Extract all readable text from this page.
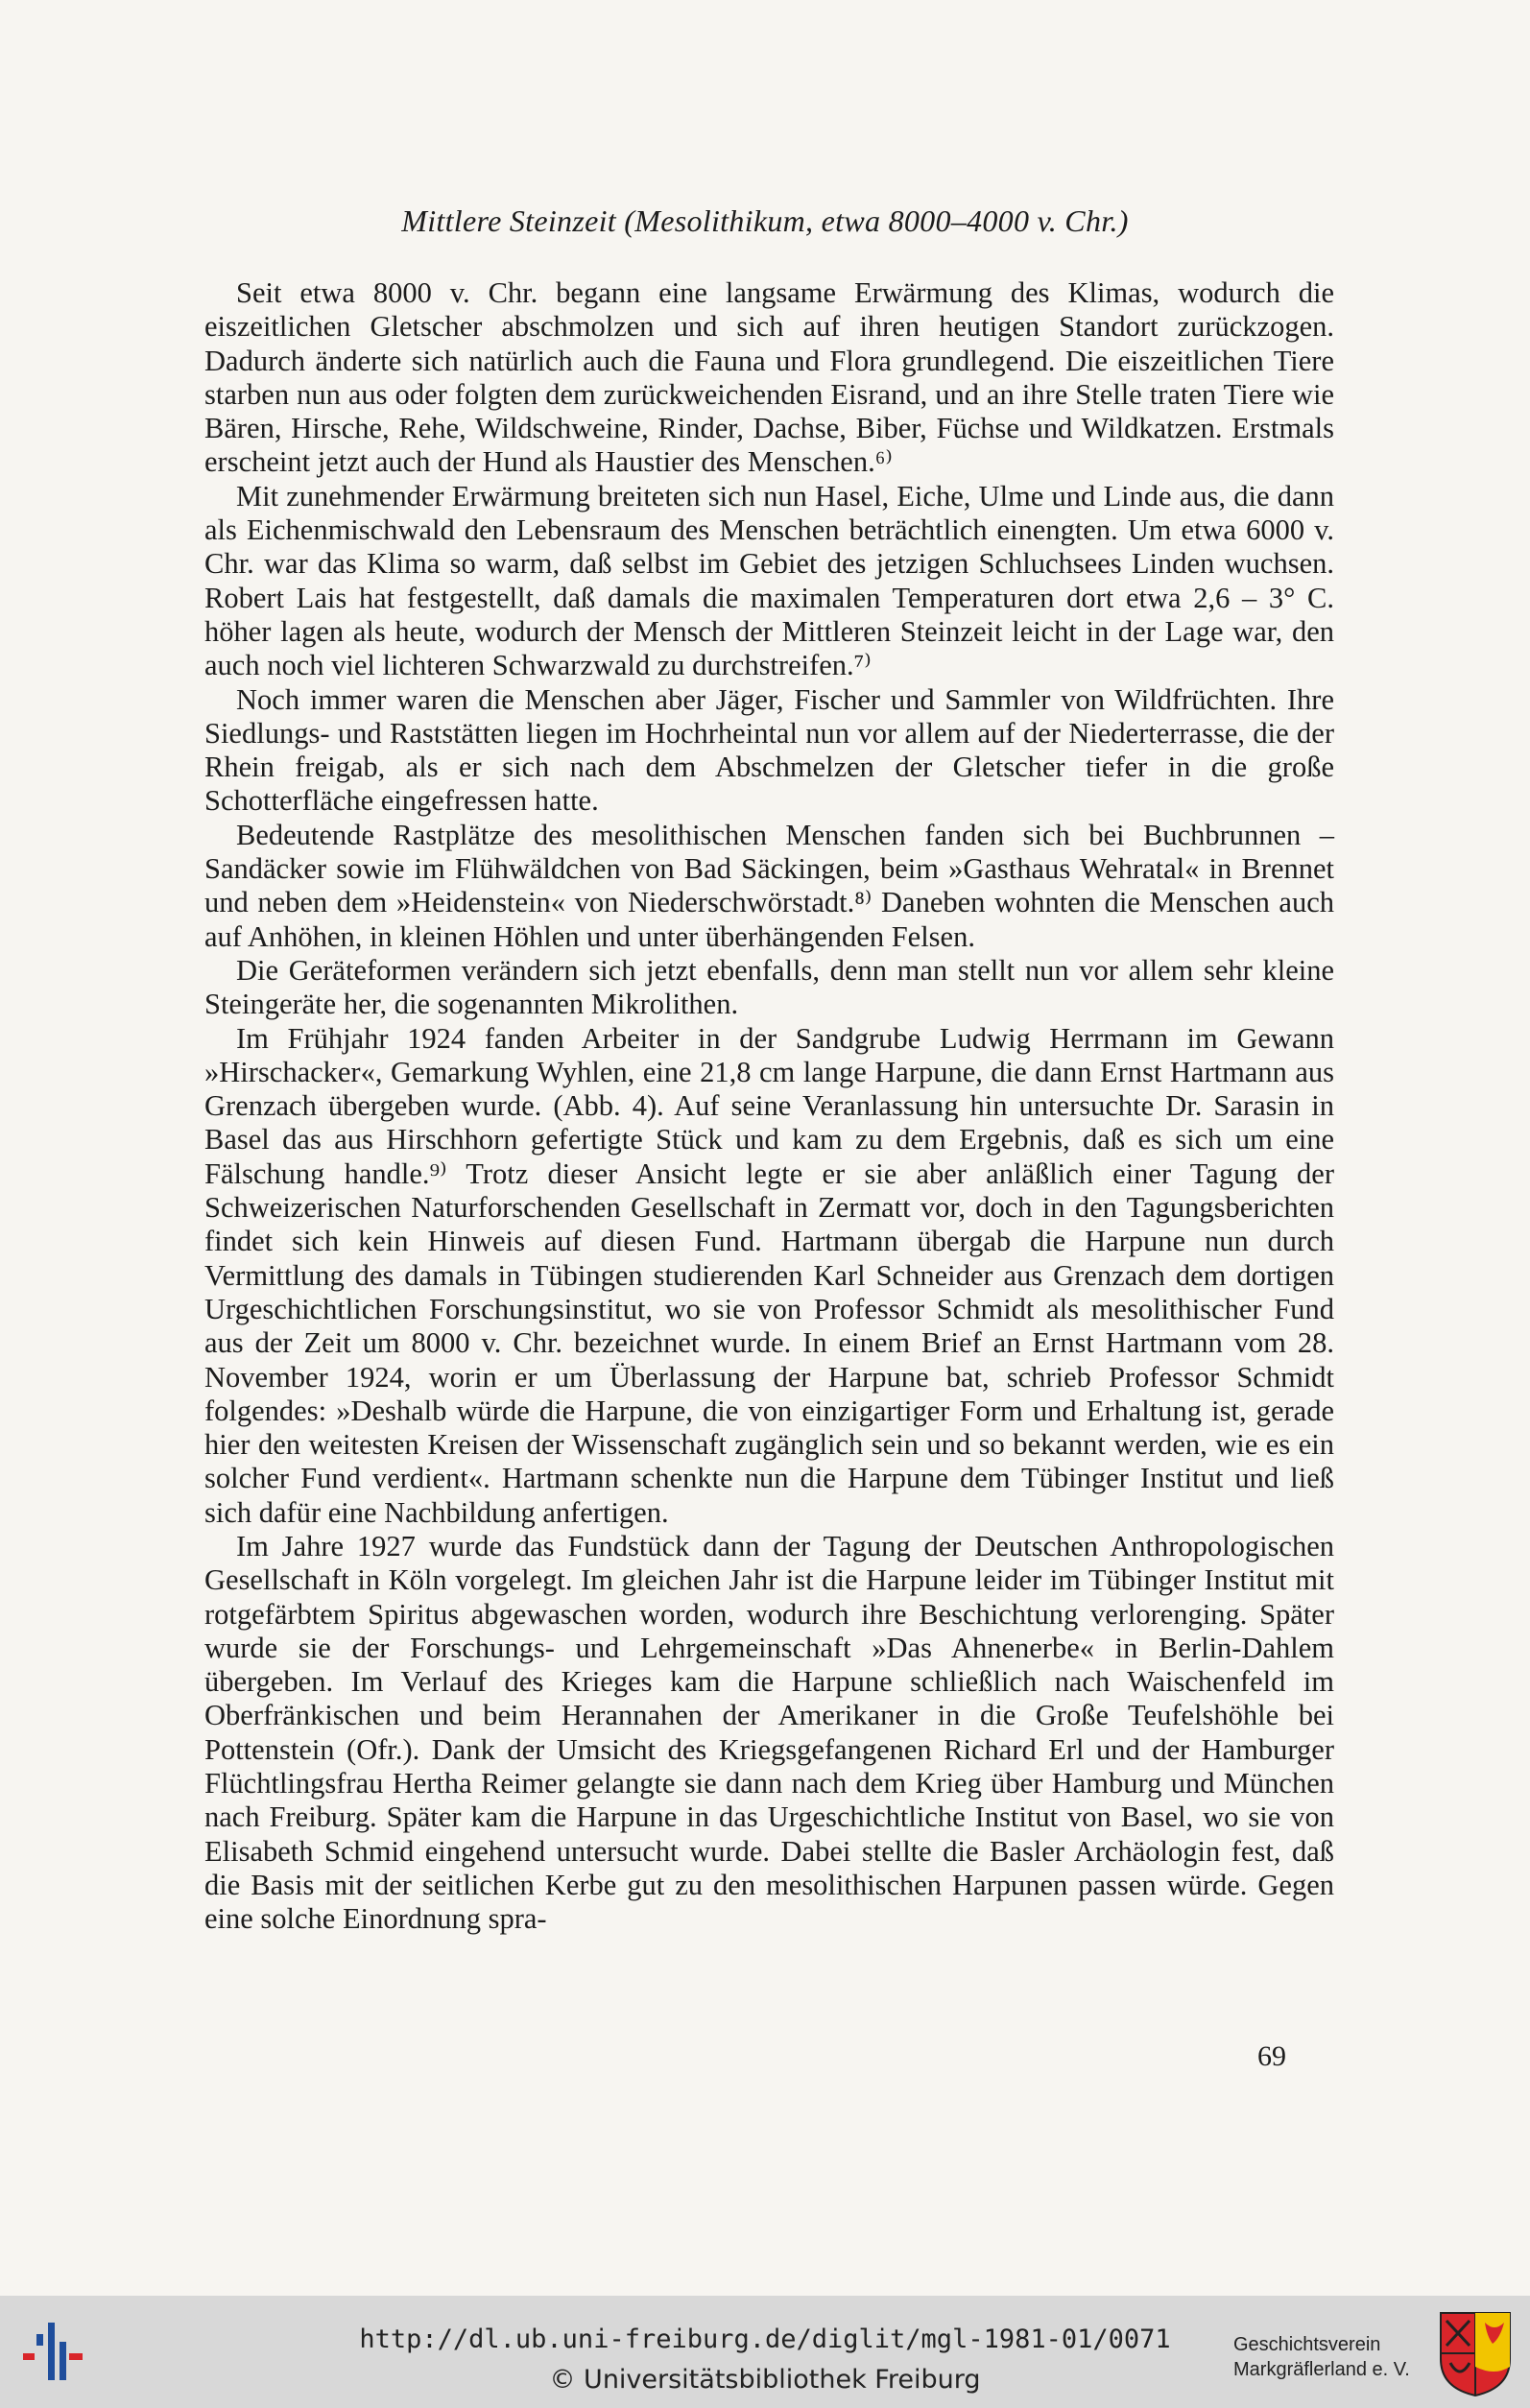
Mittlere Steinzeit (Mesolithikum, etwa 8000–4000 v. Chr.)

Seit etwa 8000 v. Chr. begann eine langsame Erwärmung des Klimas, wodurch die eiszeitlichen Gletscher abschmolzen und sich auf ihren heutigen Standort zurückzogen. Dadurch änderte sich natürlich auch die Fauna und Flora grundlegend. Die eiszeitlichen Tiere starben nun aus oder folgten dem zurückweichenden Eisrand, und an ihre Stelle traten Tiere wie Bären, Hirsche, Rehe, Wildschweine, Rinder, Dachse, Biber, Füchse und Wildkatzen. Erstmals erscheint jetzt auch der Hund als Haustier des Menschen.⁶⁾

Mit zunehmender Erwärmung breiteten sich nun Hasel, Eiche, Ulme und Linde aus, die dann als Eichenmischwald den Lebensraum des Menschen beträchtlich einengten. Um etwa 6000 v. Chr. war das Klima so warm, daß selbst im Gebiet des jetzigen Schluchsees Linden wuchsen. Robert Lais hat festgestellt, daß damals die maximalen Temperaturen dort etwa 2,6 – 3° C. höher lagen als heute, wodurch der Mensch der Mittleren Steinzeit leicht in der Lage war, den auch noch viel lichteren Schwarzwald zu durchstreifen.⁷⁾

Noch immer waren die Menschen aber Jäger, Fischer und Sammler von Wildfrüchten. Ihre Siedlungs- und Raststätten liegen im Hochrheintal nun vor allem auf der Niederterrasse, die der Rhein freigab, als er sich nach dem Abschmelzen der Gletscher tiefer in die große Schotterfläche eingefressen hatte.

Bedeutende Rastplätze des mesolithischen Menschen fanden sich bei Buchbrunnen – Sandäcker sowie im Flühwäldchen von Bad Säckingen, beim »Gasthaus Wehratal« in Brennet und neben dem »Heidenstein« von Niederschwörstadt.⁸⁾ Daneben wohnten die Menschen auch auf Anhöhen, in kleinen Höhlen und unter überhängenden Felsen.

Die Geräteformen verändern sich jetzt ebenfalls, denn man stellt nun vor allem sehr kleine Steingeräte her, die sogenannten Mikrolithen.

Im Frühjahr 1924 fanden Arbeiter in der Sandgrube Ludwig Herrmann im Gewann »Hirschacker«, Gemarkung Wyhlen, eine 21,8 cm lange Harpune, die dann Ernst Hartmann aus Grenzach übergeben wurde. (Abb. 4). Auf seine Veranlassung hin untersuchte Dr. Sarasin in Basel das aus Hirschhorn gefertigte Stück und kam zu dem Ergebnis, daß es sich um eine Fälschung handle.⁹⁾ Trotz dieser Ansicht legte er sie aber anläßlich einer Tagung der Schweizerischen Naturforschenden Gesellschaft in Zermatt vor, doch in den Tagungsberichten findet sich kein Hinweis auf diesen Fund. Hartmann übergab die Harpune nun durch Vermittlung des damals in Tübingen studierenden Karl Schneider aus Grenzach dem dortigen Urgeschichtlichen Forschungsinstitut, wo sie von Professor Schmidt als mesolithischer Fund aus der Zeit um 8000 v. Chr. bezeichnet wurde. In einem Brief an Ernst Hartmann vom 28. November 1924, worin er um Überlassung der Harpune bat, schrieb Professor Schmidt folgendes: »Deshalb würde die Harpune, die von einzigartiger Form und Erhaltung ist, gerade hier den weitesten Kreisen der Wissenschaft zugänglich sein und so bekannt werden, wie es ein solcher Fund verdient«. Hartmann schenkte nun die Harpune dem Tübinger Institut und ließ sich dafür eine Nachbildung anfertigen.

Im Jahre 1927 wurde das Fundstück dann der Tagung der Deutschen Anthropologischen Gesellschaft in Köln vorgelegt. Im gleichen Jahr ist die Harpune leider im Tübinger Institut mit rotgefärbtem Spiritus abgewaschen worden, wodurch ihre Beschichtung verlorenging. Später wurde sie der Forschungs- und Lehrgemeinschaft »Das Ahnenerbe« in Berlin-Dahlem übergeben. Im Verlauf des Krieges kam die Harpune schließlich nach Waischenfeld im Oberfränkischen und beim Herannahen der Amerikaner in die Große Teufelshöhle bei Pottenstein (Ofr.). Dank der Umsicht des Kriegsgefangenen Richard Erl und der Hamburger Flüchtlingsfrau Hertha Reimer gelangte sie dann nach dem Krieg über Hamburg und München nach Freiburg. Später kam die Harpune in das Urgeschichtliche Institut von Basel, wo sie von Elisabeth Schmid eingehend untersucht wurde. Dabei stellte die Basler Archäologin fest, daß die Basis mit der seitlichen Kerbe gut zu den mesolithischen Harpunen passen würde. Gegen eine solche Einordnung spra-

69
http://dl.ub.uni-freiburg.de/diglit/mgl-1981-01/0071
© Universitätsbibliothek Freiburg
Geschichtsverein
Markgräflerland e. V.
